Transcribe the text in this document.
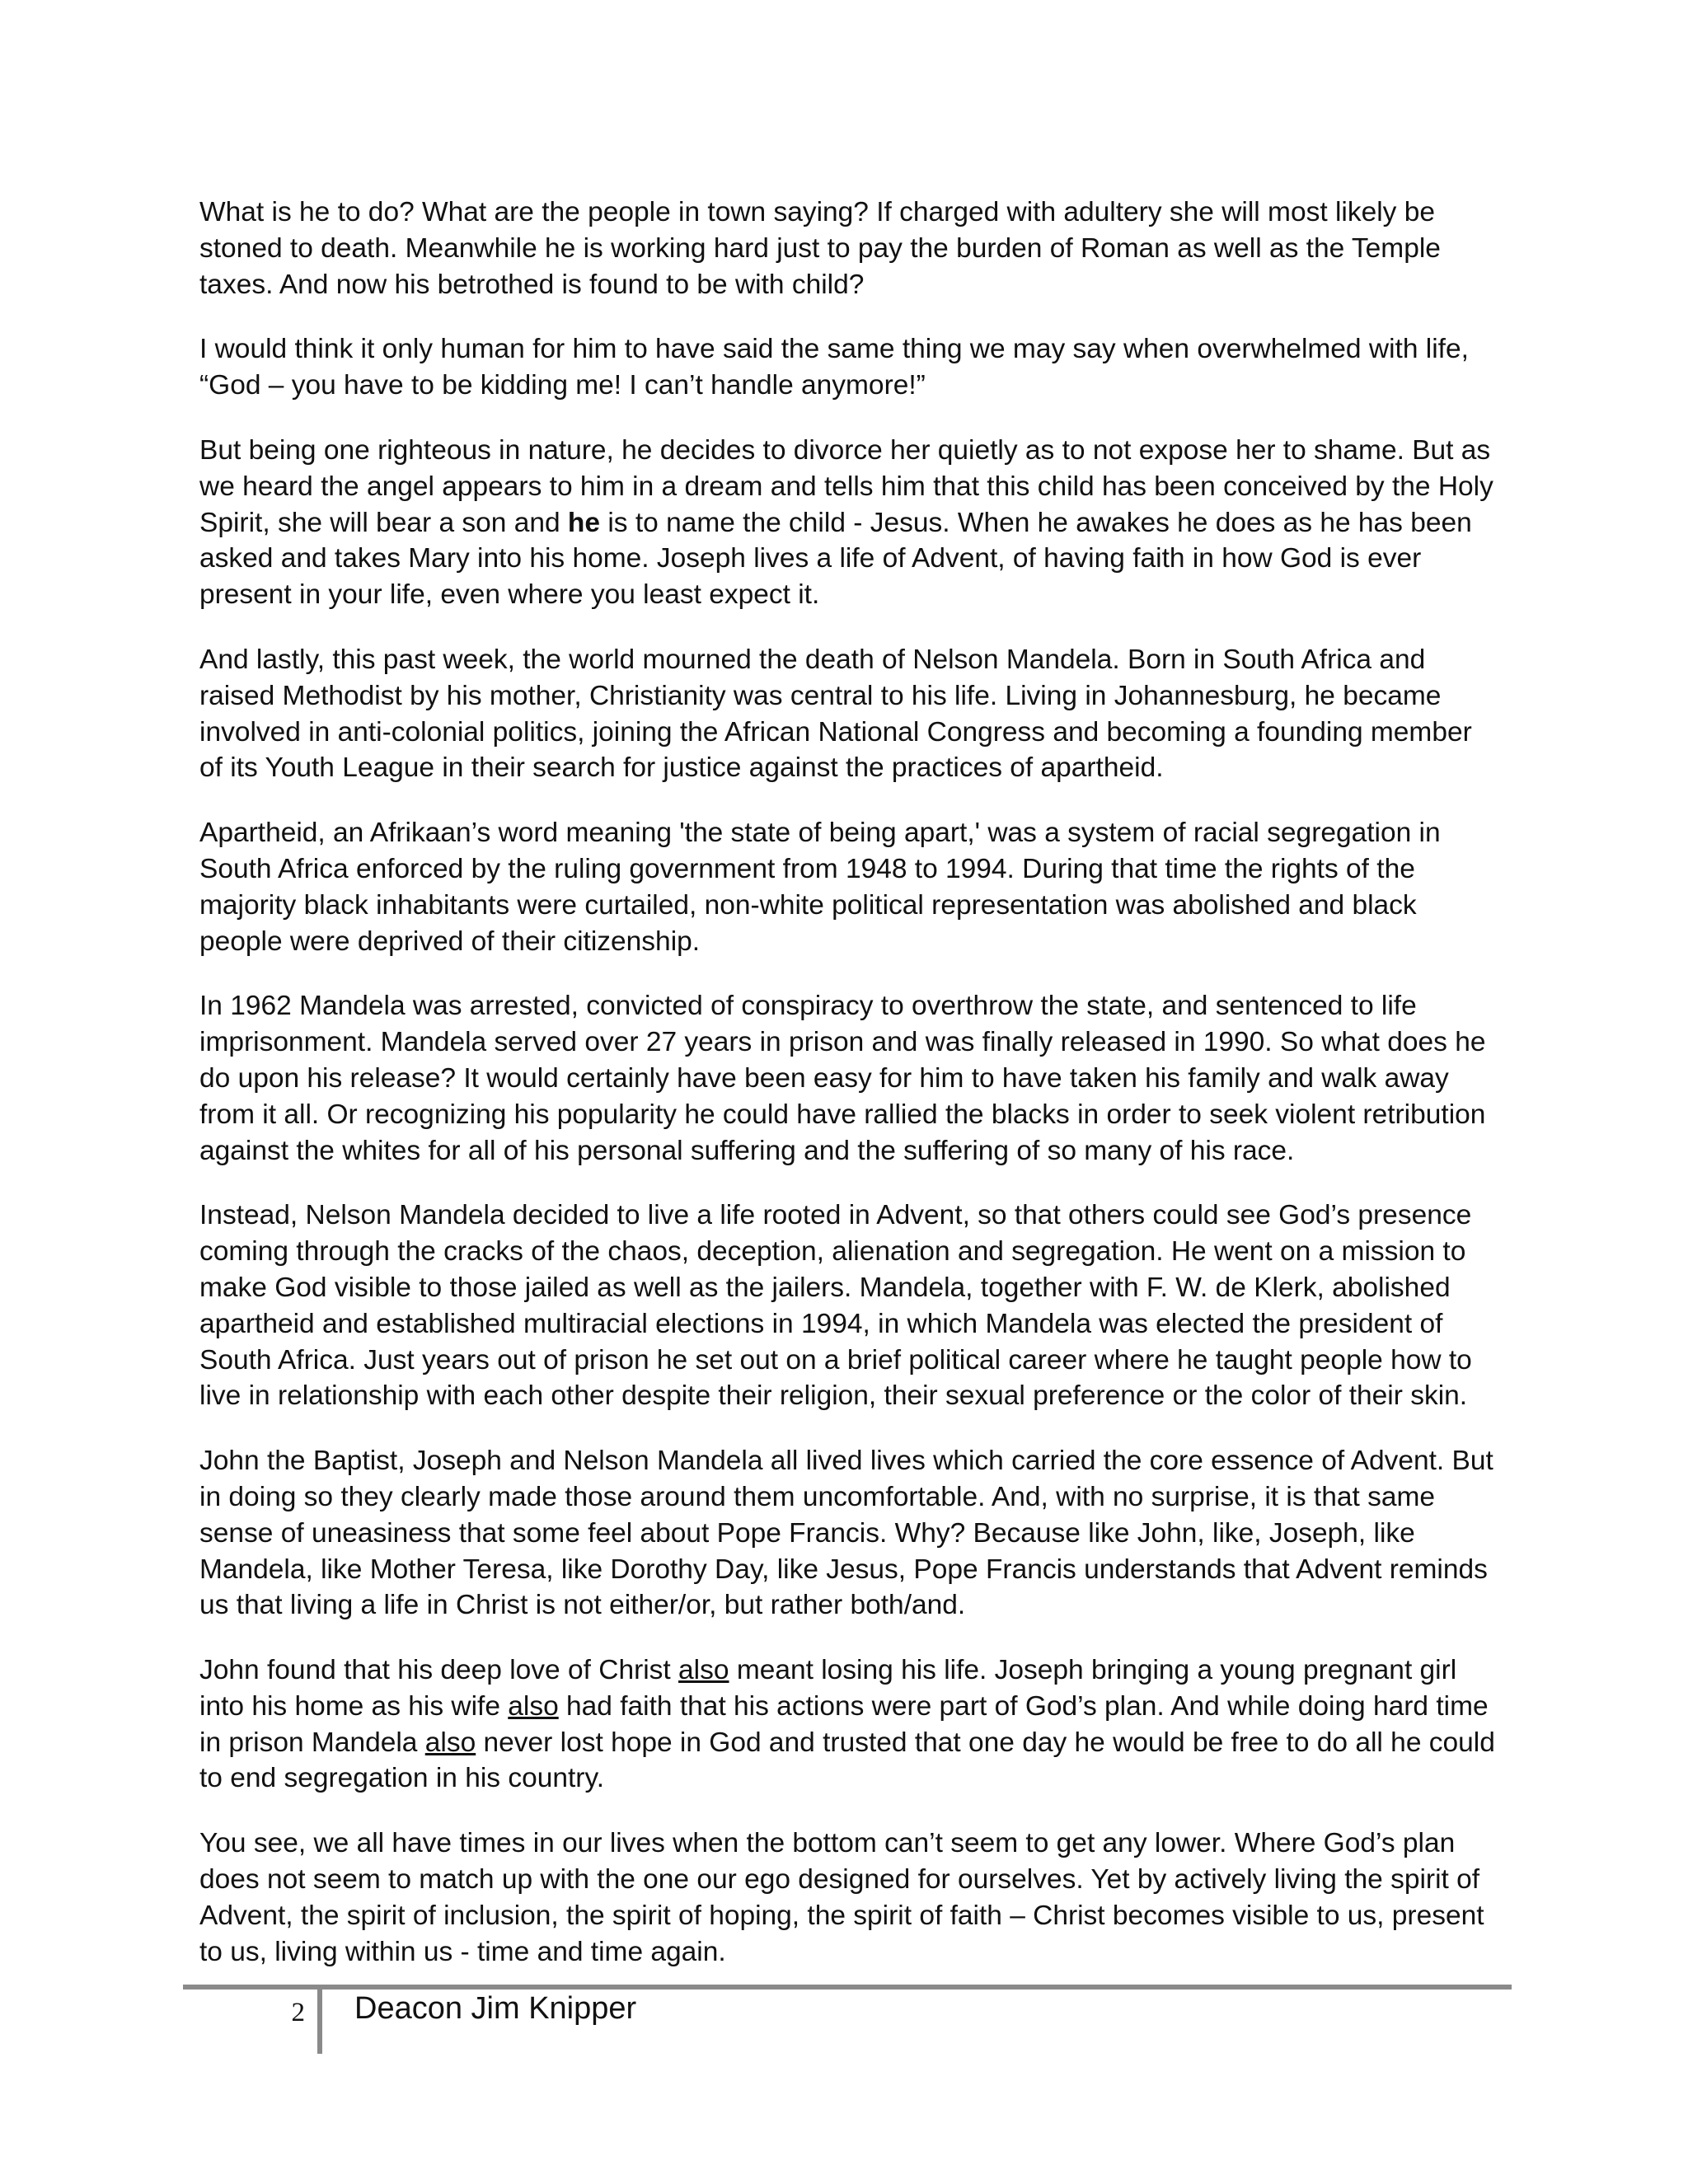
What is he to do? What are the people in town saying? If charged with adultery she will most likely be stoned to death. Meanwhile he is working hard just to pay the burden of Roman as well as the Temple taxes. And now his betrothed is found to be with child?

I would think it only human for him to have said the same thing we may say when overwhelmed with life, “God – you have to be kidding me! I can’t handle anymore!”

But being one righteous in nature, he decides to divorce her quietly as to not expose her to shame. But as we heard the angel appears to him in a dream and tells him that this child has been conceived by the Holy Spirit, she will bear a son and he is to name the child - Jesus. When he awakes he does as he has been asked and takes Mary into his home. Joseph lives a life of Advent, of having faith in how God is ever present in your life, even where you least expect it.

And lastly, this past week, the world mourned the death of Nelson Mandela. Born in South Africa and raised Methodist by his mother, Christianity was central to his life. Living in Johannesburg, he became involved in anti-colonial politics, joining the African National Congress and becoming a founding member of its Youth League in their search for justice against the practices of apartheid.

Apartheid, an Afrikaan’s word meaning 'the state of being apart,' was a system of racial segregation in South Africa enforced by the ruling government from 1948 to 1994. During that time the rights of the majority black inhabitants were curtailed, non-white political representation was abolished and black people were deprived of their citizenship.

In 1962 Mandela was arrested, convicted of conspiracy to overthrow the state, and sentenced to life imprisonment. Mandela served over 27 years in prison and was finally released in 1990. So what does he do upon his release? It would certainly have been easy for him to have taken his family and walk away from it all. Or recognizing his popularity he could have rallied the blacks in order to seek violent retribution against the whites for all of his personal suffering and the suffering of so many of his race.

Instead, Nelson Mandela decided to live a life rooted in Advent, so that others could see God’s presence coming through the cracks of the chaos, deception, alienation and segregation. He went on a mission to make God visible to those jailed as well as the jailers. Mandela, together with F. W. de Klerk, abolished apartheid and established multiracial elections in 1994, in which Mandela was elected the president of South Africa. Just years out of prison he set out on a brief political career where he taught people how to live in relationship with each other despite their religion, their sexual preference or the color of their skin.

John the Baptist, Joseph and Nelson Mandela all lived lives which carried the core essence of Advent. But in doing so they clearly made those around them uncomfortable. And, with no surprise, it is that same sense of uneasiness that some feel about Pope Francis. Why? Because like John, like, Joseph, like Mandela, like Mother Teresa, like Dorothy Day, like Jesus, Pope Francis understands that Advent reminds us that living a life in Christ is not either/or, but rather both/and.

John found that his deep love of Christ also meant losing his life. Joseph bringing a young pregnant girl into his home as his wife also had faith that his actions were part of God’s plan. And while doing hard time in prison Mandela also never lost hope in God and trusted that one day he would be free to do all he could to end segregation in his country.

You see, we all have times in our lives when the bottom can’t seem to get any lower. Where God’s plan does not seem to match up with the one our ego designed for ourselves. Yet by actively living the spirit of Advent, the spirit of inclusion, the spirit of hoping, the spirit of faith – Christ becomes visible to us, present to us, living within us - time and time again.

2 Deacon Jim Knipper
